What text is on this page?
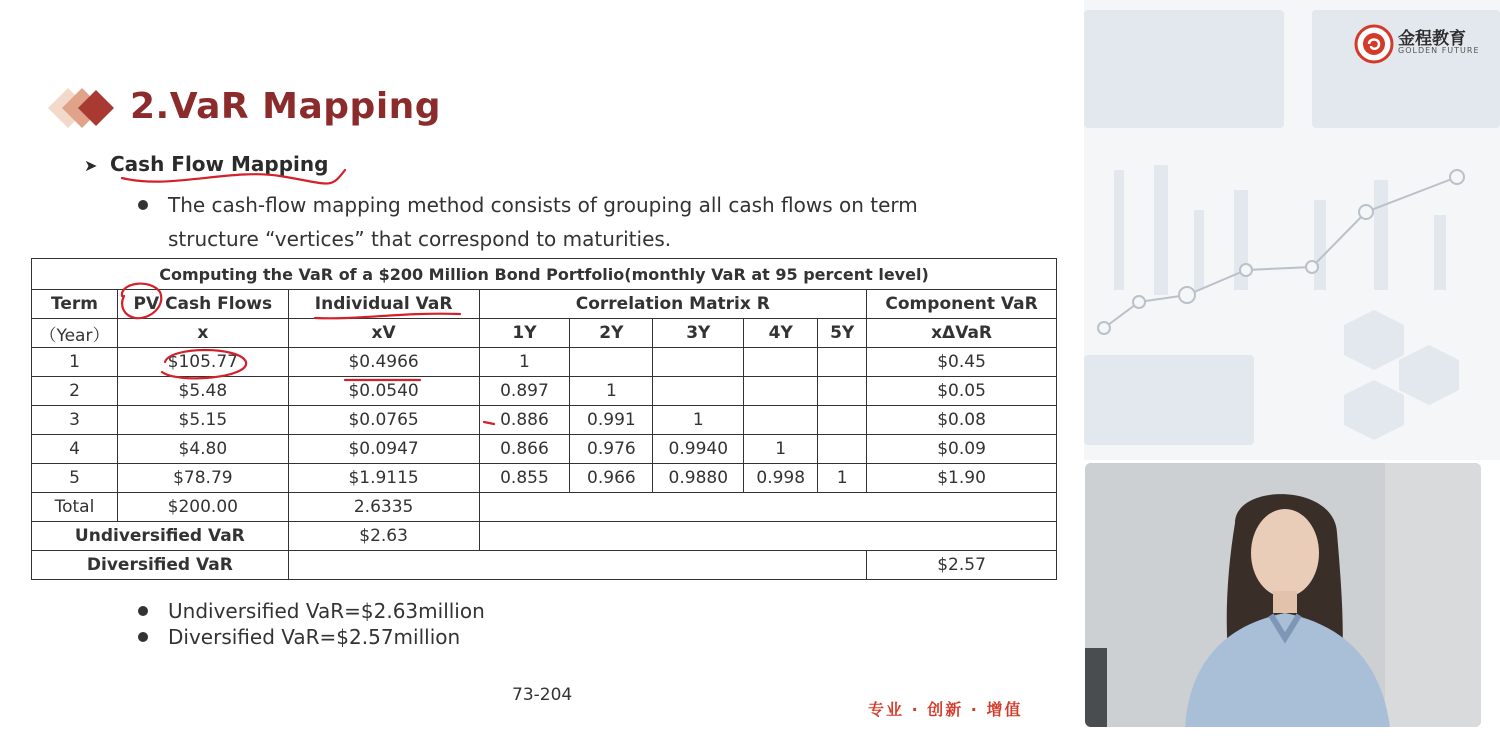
2.VaR Mapping
➤ Cash Flow Mapping
The cash-flow mapping method consists of grouping all cash flows on term structure “vertices” that correspond to maturities.
Computing the VaR of a $200 Million Bond Portfolio(monthly VaR at 95 percent level)								
Term	PV Cash Flows	Individual VaR	Correlation Matrix R					Component VaR
（Year）	x	xV	1Y	2Y	3Y	4Y	5Y	xΔVaR
1	$105.77	$0.4966	1					$0.45
2	$5.48	$0.0540	0.897	1				$0.05
3	$5.15	$0.0765	0.886	0.991	1			$0.08
4	$4.80	$0.0947	0.866	0.976	0.9940	1		$0.09
5	$78.79	$1.9115	0.855	0.966	0.9880	0.998	1	$1.90
Total	$200.00	2.6335						
Undiversified VaR		$2.63						
Diversified VaR								$2.57
Undiversified VaR=$2.63million
Diversified VaR=$2.57million
73-204
专业 · 创新 · 增值
金程教育
GOLDEN FUTURE
